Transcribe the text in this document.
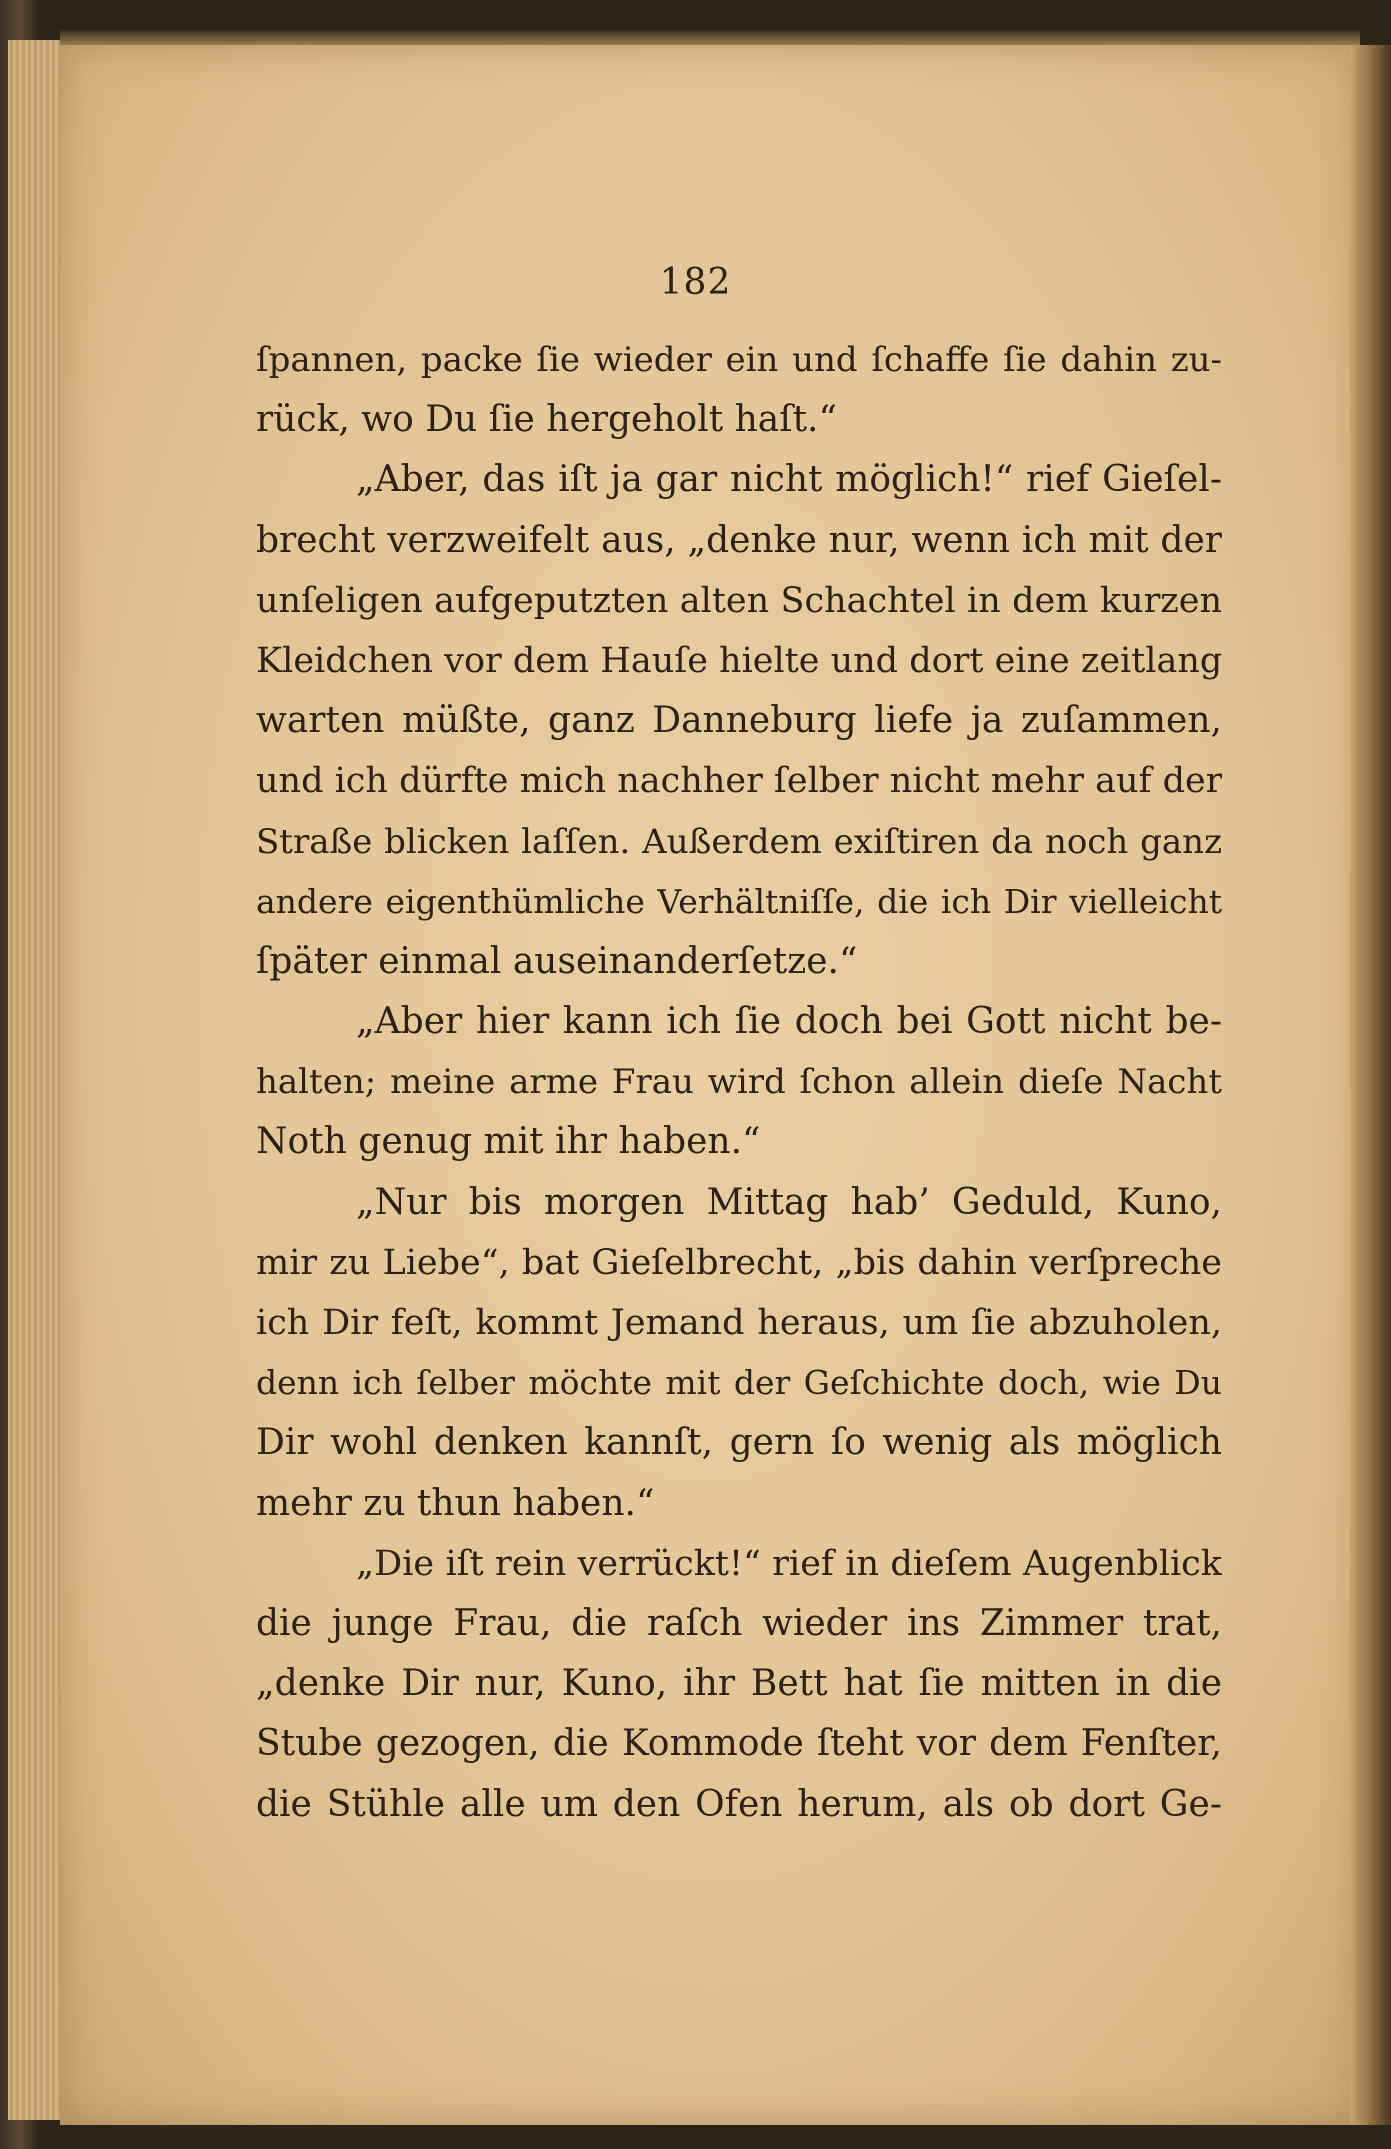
182
ſpannen, packe ſie wieder ein und ſchaffe ſie dahin zu-
rück, wo Du ſie hergeholt haſt.“
„Aber, das iſt ja gar nicht möglich!“ rief Gieſel-
brecht verzweifelt aus, „denke nur, wenn ich mit der
unſeligen aufgeputzten alten Schachtel in dem kurzen
Kleidchen vor dem Hauſe hielte und dort eine zeitlang
warten müßte, ganz Danneburg liefe ja zuſammen,
und ich dürfte mich nachher ſelber nicht mehr auf der
Straße blicken laſſen. Außerdem exiſtiren da noch ganz
andere eigenthümliche Verhältniſſe, die ich Dir vielleicht
ſpäter einmal auseinanderſetze.“
„Aber hier kann ich ſie doch bei Gott nicht be-
halten; meine arme Frau wird ſchon allein dieſe Nacht
Noth genug mit ihr haben.“
„Nur bis morgen Mittag hab’ Geduld, Kuno,
mir zu Liebe“, bat Gieſelbrecht, „bis dahin verſpreche
ich Dir feſt, kommt Jemand heraus, um ſie abzuholen,
denn ich ſelber möchte mit der Geſchichte doch, wie Du
Dir wohl denken kannſt, gern ſo wenig als möglich
mehr zu thun haben.“
„Die iſt rein verrückt!“ rief in dieſem Augenblick
die junge Frau, die raſch wieder ins Zimmer trat,
„denke Dir nur, Kuno, ihr Bett hat ſie mitten in die
Stube gezogen, die Kommode ſteht vor dem Fenſter,
die Stühle alle um den Ofen herum, als ob dort Ge-
